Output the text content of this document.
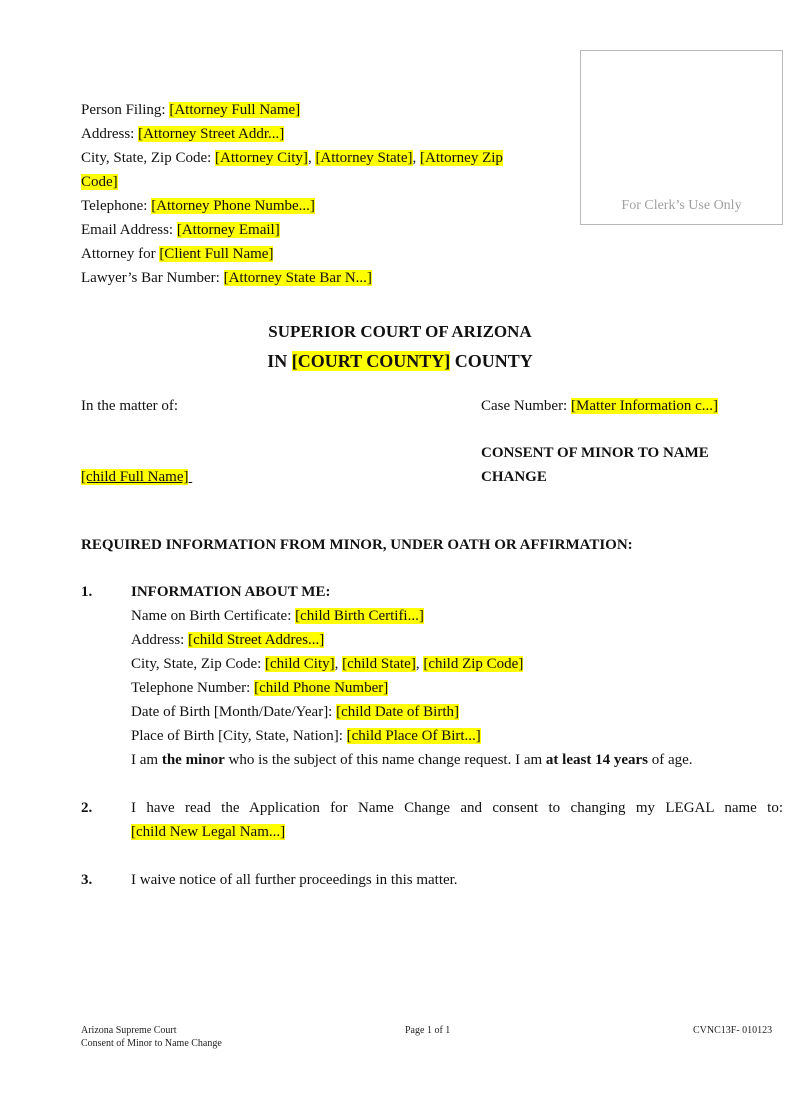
For Clerk’s Use Only
Person Filing: [Attorney Full Name]
Address: [Attorney Street Addr...]
City, State, Zip Code: [Attorney City], [Attorney State], [Attorney Zip
Code]
Telephone: [Attorney Phone Numbe...]
Email Address: [Attorney Email]
Attorney for [Client Full Name]
Lawyer’s Bar Number: [Attorney State Bar N...]
SUPERIOR COURT OF ARIZONA
IN [COURT COUNTY] COUNTY
In the matter of:	Case Number: [Matter Information c...]
CONSENT OF MINOR TO NAME
CHANGE
[child Full Name]
REQUIRED INFORMATION FROM MINOR, UNDER OATH OR AFFIRMATION:
1.	INFORMATION ABOUT ME:
Name on Birth Certificate: [child Birth Certifi...]
Address: [child Street Addres...]
City, State, Zip Code: [child City], [child State], [child Zip Code]
Telephone Number: [child Phone Number]
Date of Birth [Month/Date/Year]: [child Date of Birth]
Place of Birth [City, State, Nation]: [child Place Of Birt...]
I am the minor who is the subject of this name change request. I am at least 14 years of age.
2.	I have read the Application for Name Change and consent to changing my LEGAL name to:
[child New Legal Nam...]
3.	I waive notice of all further proceedings in this matter.
Arizona Supreme Court
Consent of Minor to Name Change
Page 1 of 1	CVNC13F- 010123
